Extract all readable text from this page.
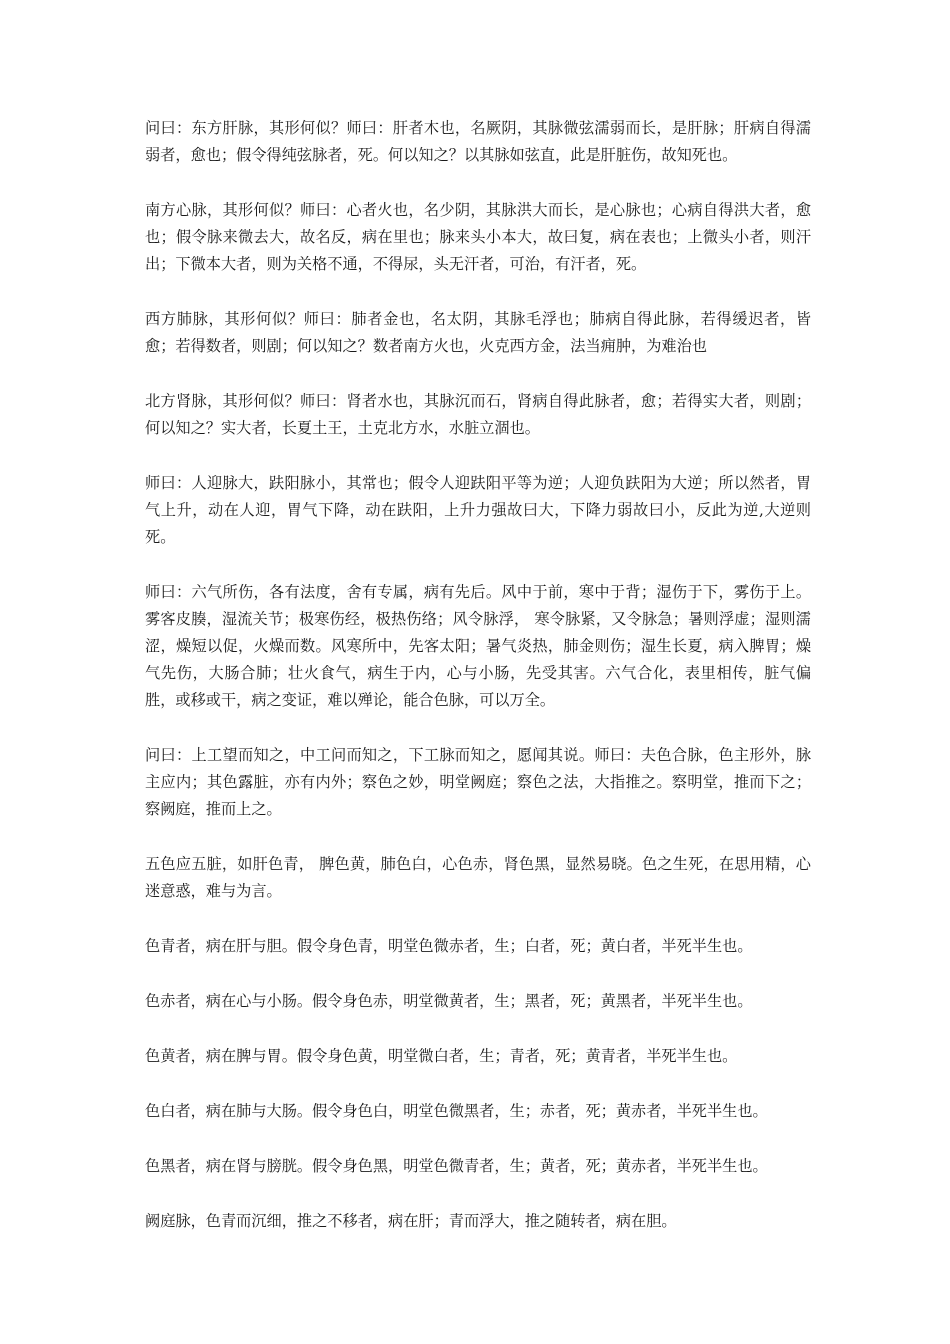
问曰：东方肝脉，其形何似？师曰：肝者木也，名厥阴，其脉微弦濡弱而长，是肝脉；肝病自得濡弱者，愈也；假令得纯弦脉者，死。何以知之？以其脉如弦直，此是肝脏伤，故知死也。

南方心脉，其形何似？师曰：心者火也，名少阴，其脉洪大而长，是心脉也；心病自得洪大者，愈也；假令脉来微去大，故名反，病在里也；脉来头小本大，故曰复，病在表也；上微头小者，则汗出；下微本大者，则为关格不通，不得尿，头无汗者，可治，有汗者，死。

西方肺脉，其形何似？师曰：肺者金也，名太阴，其脉毛浮也；肺病自得此脉，若得缓迟者，皆愈；若得数者，则剧；何以知之？数者南方火也，火克西方金，法当痈肿，为难治也

北方肾脉，其形何似？师曰：肾者水也，其脉沉而石，肾病自得此脉者，愈；若得实大者，则剧；何以知之？实大者，长夏土王，土克北方水，水脏立涸也。

师曰：人迎脉大，趺阳脉小，其常也；假令人迎趺阳平等为逆；人迎负趺阳为大逆；所以然者，胃气上升，动在人迎，胃气下降，动在趺阳，上升力强故曰大，下降力弱故曰小，反此为逆,大逆则死。

师曰：六气所伤，各有法度，舍有专属，病有先后。风中于前，寒中于背；湿伤于下，雾伤于上。雾客皮腠，湿流关节；极寒伤经，极热伤络；风令脉浮， 寒令脉紧，又令脉急；暑则浮虚；湿则濡涩，燥短以促，火燥而数。风寒所中，先客太阳；暑气炎热，肺金则伤；湿生长夏，病入脾胃；燥气先伤，大肠合肺；壮火食气，病生于内，心与小肠，先受其害。六气合化，表里相传，脏气偏胜，或移或干，病之变证，难以殚论，能合色脉，可以万全。

问曰：上工望而知之，中工问而知之，下工脉而知之，愿闻其说。师曰：夫色合脉，色主形外，脉主应内；其色露脏，亦有内外；察色之妙，明堂阙庭；察色之法，大指推之。察明堂，推而下之；察阙庭，推而上之。

五色应五脏，如肝色青， 脾色黄，肺色白，心色赤，肾色黑，显然易晓。色之生死，在思用精，心迷意惑，难与为言。

色青者，病在肝与胆。假令身色青，明堂色微赤者，生；白者，死；黄白者，半死半生也。

色赤者，病在心与小肠。假令身色赤，明堂微黄者，生；黑者，死；黄黑者，半死半生也。

色黄者，病在脾与胃。假令身色黄，明堂微白者，生；青者，死；黄青者，半死半生也。

色白者，病在肺与大肠。假令身色白，明堂色微黑者，生；赤者，死；黄赤者，半死半生也。

色黑者，病在肾与膀胱。假令身色黑，明堂色微青者，生；黄者，死；黄赤者，半死半生也。

阙庭脉，色青而沉细，推之不移者，病在肝；青而浮大，推之随转者，病在胆。
